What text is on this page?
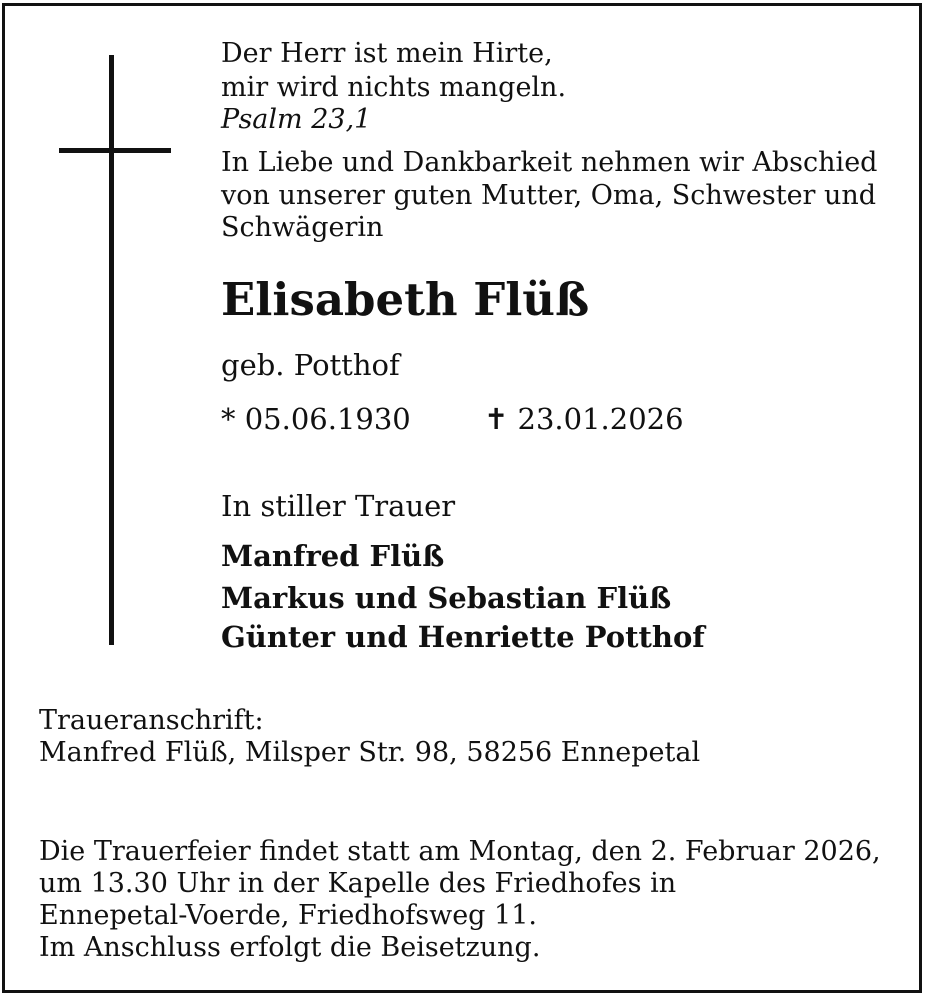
Der Herr ist mein Hirte,
mir wird nichts mangeln.
Psalm 23,1
In Liebe und Dankbarkeit nehmen wir Abschied
von unserer guten Mutter, Oma, Schwester und
Schwägerin
Elisabeth Flüß
geb. Potthof
* 05.06.1930	✝ 23.01.2026
In stiller Trauer
Manfred Flüß
Markus und Sebastian Flüß
Günter und Henriette Potthof
Traueranschrift:
Manfred Flüß, Milsper Str. 98, 58256 Ennepetal
Die Trauerfeier findet statt am Montag, den 2. Februar 2026,
um 13.30 Uhr in der Kapelle des Friedhofes in
Ennepetal-Voerde, Friedhofsweg 11.
Im Anschluss erfolgt die Beisetzung.
